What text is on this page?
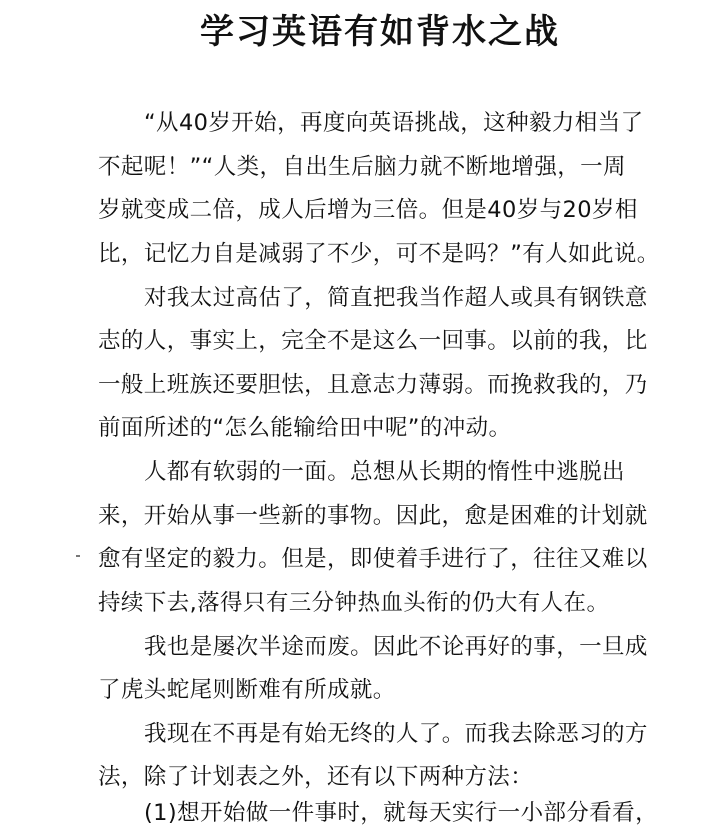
学习英语有如背水之战
“从40岁开始，再度向英语挑战，这种毅力相当了
不起呢！”“人类，自出生后脑力就不断地增强，一周
岁就变成二倍，成人后增为三倍。但是40岁与20岁相
比，记忆力自是减弱了不少，可不是吗？”有人如此说。
对我太过高估了，简直把我当作超人或具有钢铁意
志的人，事实上，完全不是这么一回事。以前的我，比
一般上班族还要胆怯，且意志力薄弱。而挽救我的，乃
前面所述的“怎么能输给田中呢”的冲动。
人都有软弱的一面。总想从长期的惰性中逃脱出
来，开始从事一些新的事物。因此，愈是困难的计划就
愈有坚定的毅力。但是，即使着手进行了，往往又难以
持续下去,落得只有三分钟热血头衔的仍大有人在。
我也是屡次半途而废。因此不论再好的事，一旦成
了虎头蛇尾则断难有所成就。
我现在不再是有始无终的人了。而我去除恶习的方
法，除了计划表之外，还有以下两种方法：
(1)想开始做一件事时，就每天实行一小部分看看，
